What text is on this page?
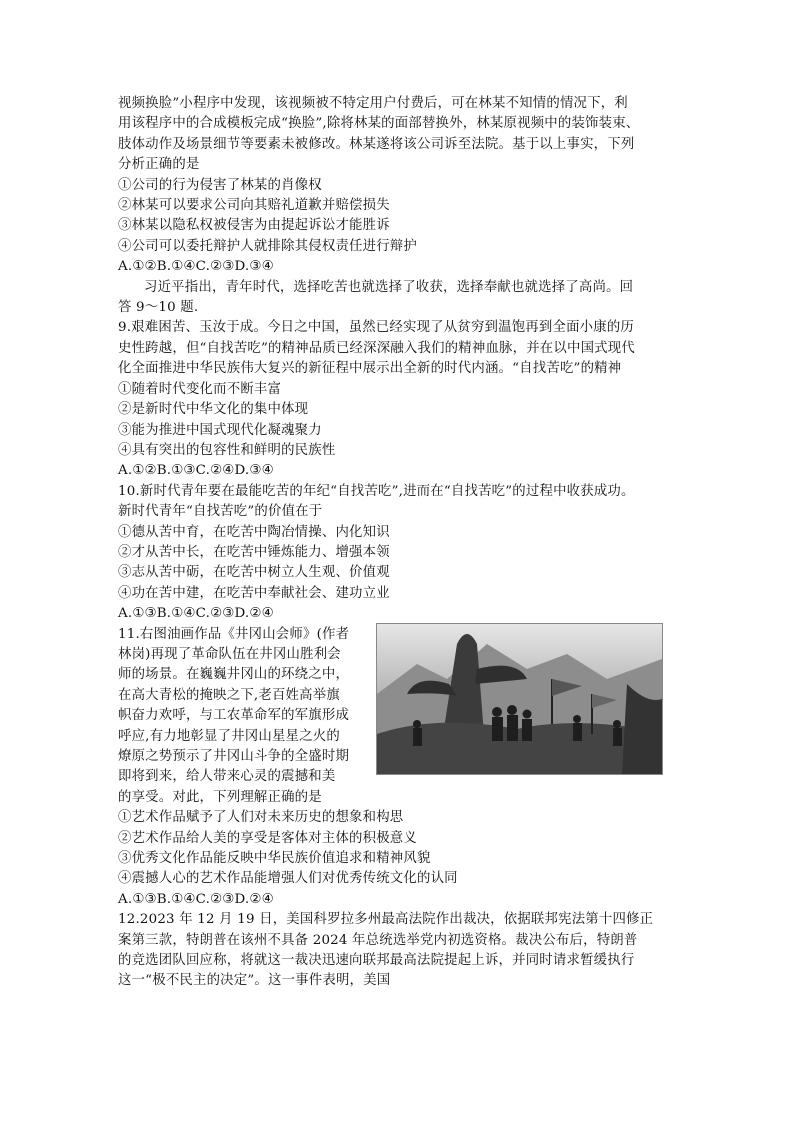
视频换脸”小程序中发现，该视频被不特定用户付费后，可在林某不知情的情况下，利
用该程序中的合成模板完成“换脸”,除将林某的面部替换外，林某原视频中的装饰装束、
肢体动作及场景细节等要素未被修改。林某遂将该公司诉至法院。基于以上事实，下列
分析正确的是
①公司的行为侵害了林某的肖像权
②林某可以要求公司向其赔礼道歉并赔偿损失
③林某以隐私权被侵害为由提起诉讼才能胜诉
④公司可以委托辩护人就排除其侵权责任进行辩护
A.①②B.①④C.②③D.③④
习近平指出，青年时代，选择吃苦也就选择了收获，选择奉献也就选择了高尚。回
答 9～10 题.
9.艰难困苦、玉汝于成。今日之中国，虽然已经实现了从贫穷到温饱再到全面小康的历
史性跨越，但“自找苦吃”的精神品质已经深深融入我们的精神血脉，并在以中国式现代
化全面推进中华民族伟大复兴的新征程中展示出全新的时代内涵。“自找苦吃”的精神
①随着时代变化而不断丰富
②是新时代中华文化的集中体现
③能为推进中国式现代化凝魂聚力
④具有突出的包容性和鲜明的民族性
A.①②B.①③C.②④D.③④
10.新时代青年要在最能吃苦的年纪“自找苦吃”,进而在“自找苦吃”的过程中收获成功。
新时代青年“自找苦吃”的价值在于
①德从苦中育，在吃苦中陶冶情操、内化知识
②才从苦中长，在吃苦中锤炼能力、增强本领
③志从苦中砺，在吃苦中树立人生观、价值观
④功在苦中建，在吃苦中奉献社会、建功立业
A.①③B.①④C.②③D.②④
11.右图油画作品《井冈山会师》(作者
林岗)再现了革命队伍在井冈山胜利会
师的场景。在巍巍井冈山的环绕之中，
在高大青松的掩映之下,老百姓高举旗
帜奋力欢呼，与工农革命军的军旗形成
呼应,有力地彰显了井冈山星星之火的
燎原之势预示了井冈山斗争的全盛时期
即将到来，给人带来心灵的震撼和美
的享受。对此，下列理解正确的是
①艺术作品赋予了人们对未来历史的想象和构思
②艺术作品给人美的享受是客体对主体的积极意义
③优秀文化作品能反映中华民族价值追求和精神风貌
④震撼人心的艺术作品能增强人们对优秀传统文化的认同
A.①③B.①④C.②③D.②④
12.2023 年 12 月 19 日，美国科罗拉多州最高法院作出裁决，依据联邦宪法第十四修正
案第三款，特朗普在该州不具备 2024 年总统选举党内初选资格。裁决公布后，特朗普
的竞选团队回应称，将就这一裁决迅速向联邦最高法院提起上诉，并同时请求暂缓执行
这一“极不民主的决定”。这一事件表明，美国
